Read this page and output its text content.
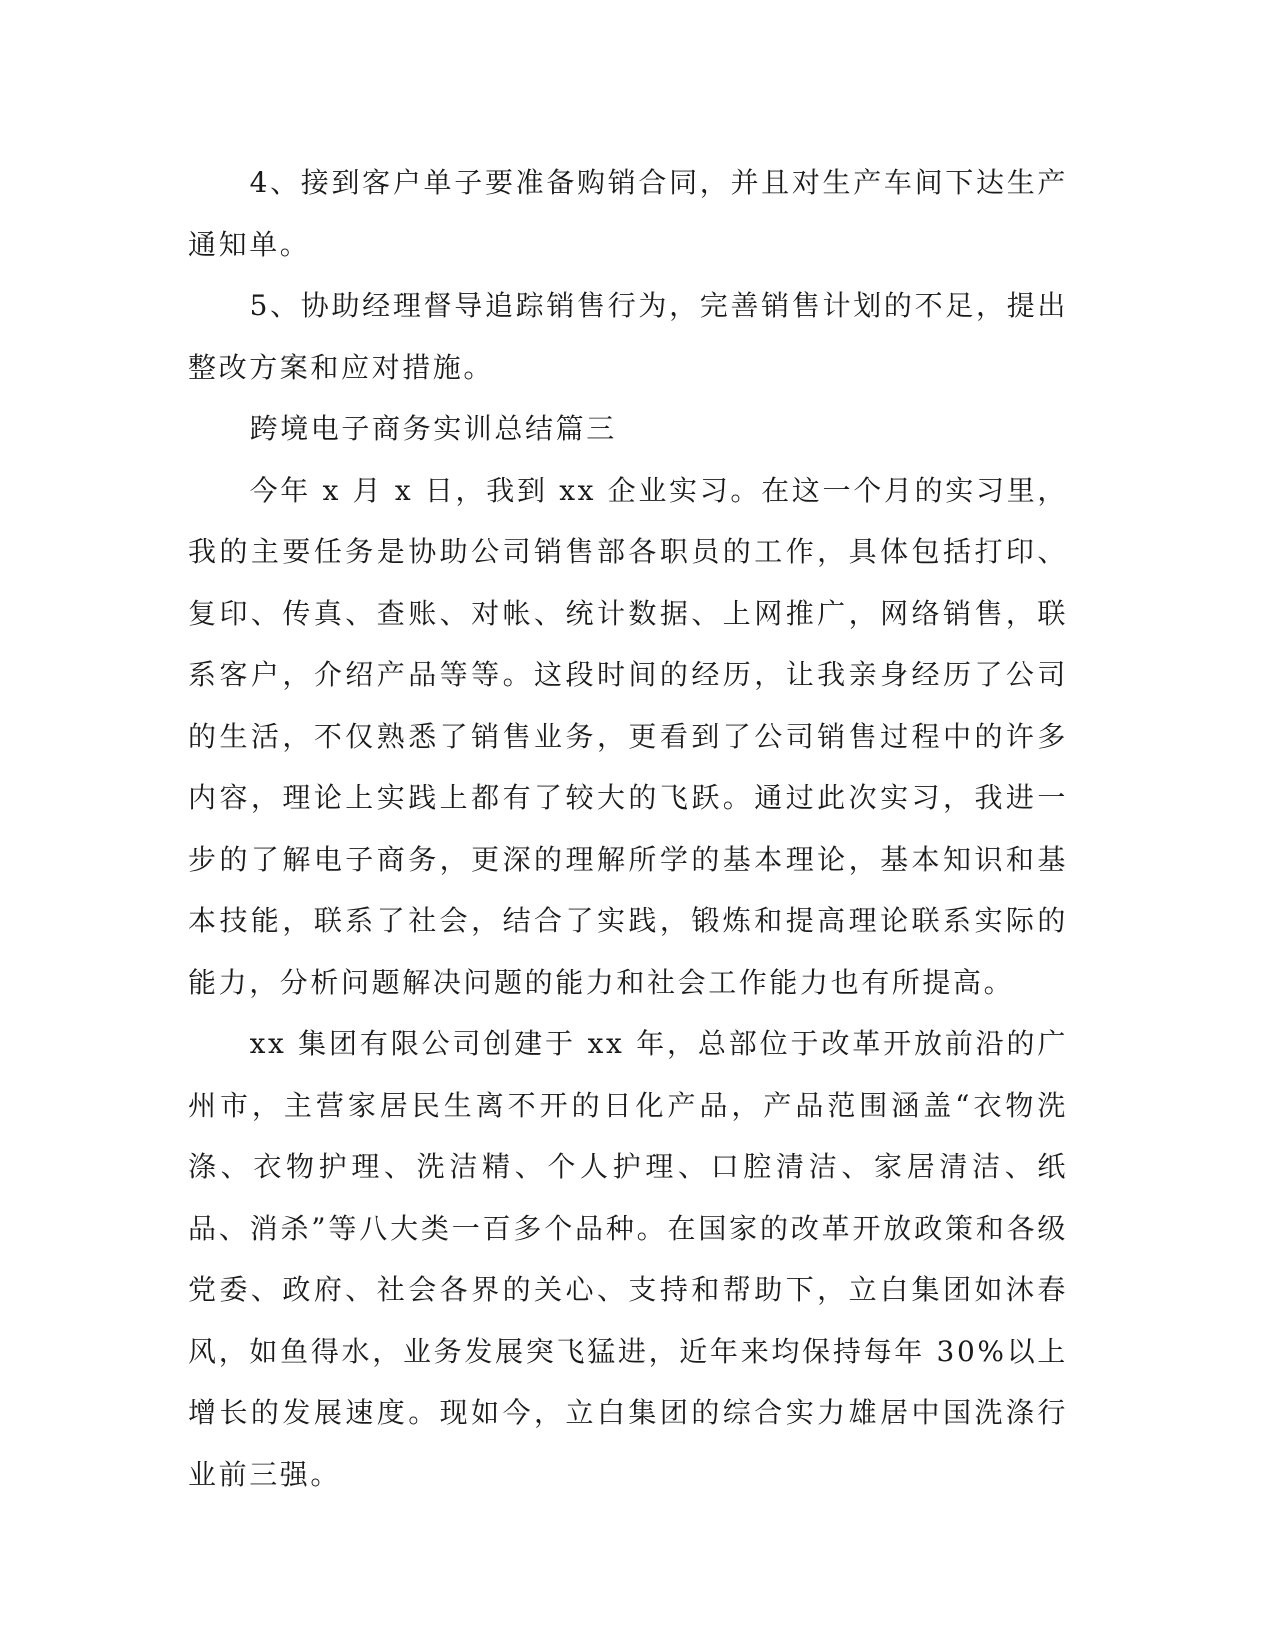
4、接到客户单子要准备购销合同，并且对生产车间下达生产通知单。

5、协助经理督导追踪销售行为，完善销售计划的不足，提出整改方案和应对措施。

跨境电子商务实训总结篇三

今年 x 月 x 日，我到 xx 企业实习。在这一个月的实习里，我的主要任务是协助公司销售部各职员的工作，具体包括打印、复印、传真、查账、对帐、统计数据、上网推广，网络销售，联系客户，介绍产品等等。这段时间的经历，让我亲身经历了公司的生活，不仅熟悉了销售业务，更看到了公司销售过程中的许多内容，理论上实践上都有了较大的飞跃。通过此次实习，我进一步的了解电子商务，更深的理解所学的基本理论，基本知识和基本技能，联系了社会，结合了实践，锻炼和提高理论联系实际的能力，分析问题解决问题的能力和社会工作能力也有所提高。

xx 集团有限公司创建于 xx 年，总部位于改革开放前沿的广州市，主营家居民生离不开的日化产品，产品范围涵盖“衣物洗涤、衣物护理、洗洁精、个人护理、口腔清洁、家居清洁、纸品、消杀”等八大类一百多个品种。在国家的改革开放政策和各级党委、政府、社会各界的关心、支持和帮助下，立白集团如沐春风，如鱼得水，业务发展突飞猛进，近年来均保持每年 30%以上增长的发展速度。现如今，立白集团的综合实力雄居中国洗涤行业前三强。
